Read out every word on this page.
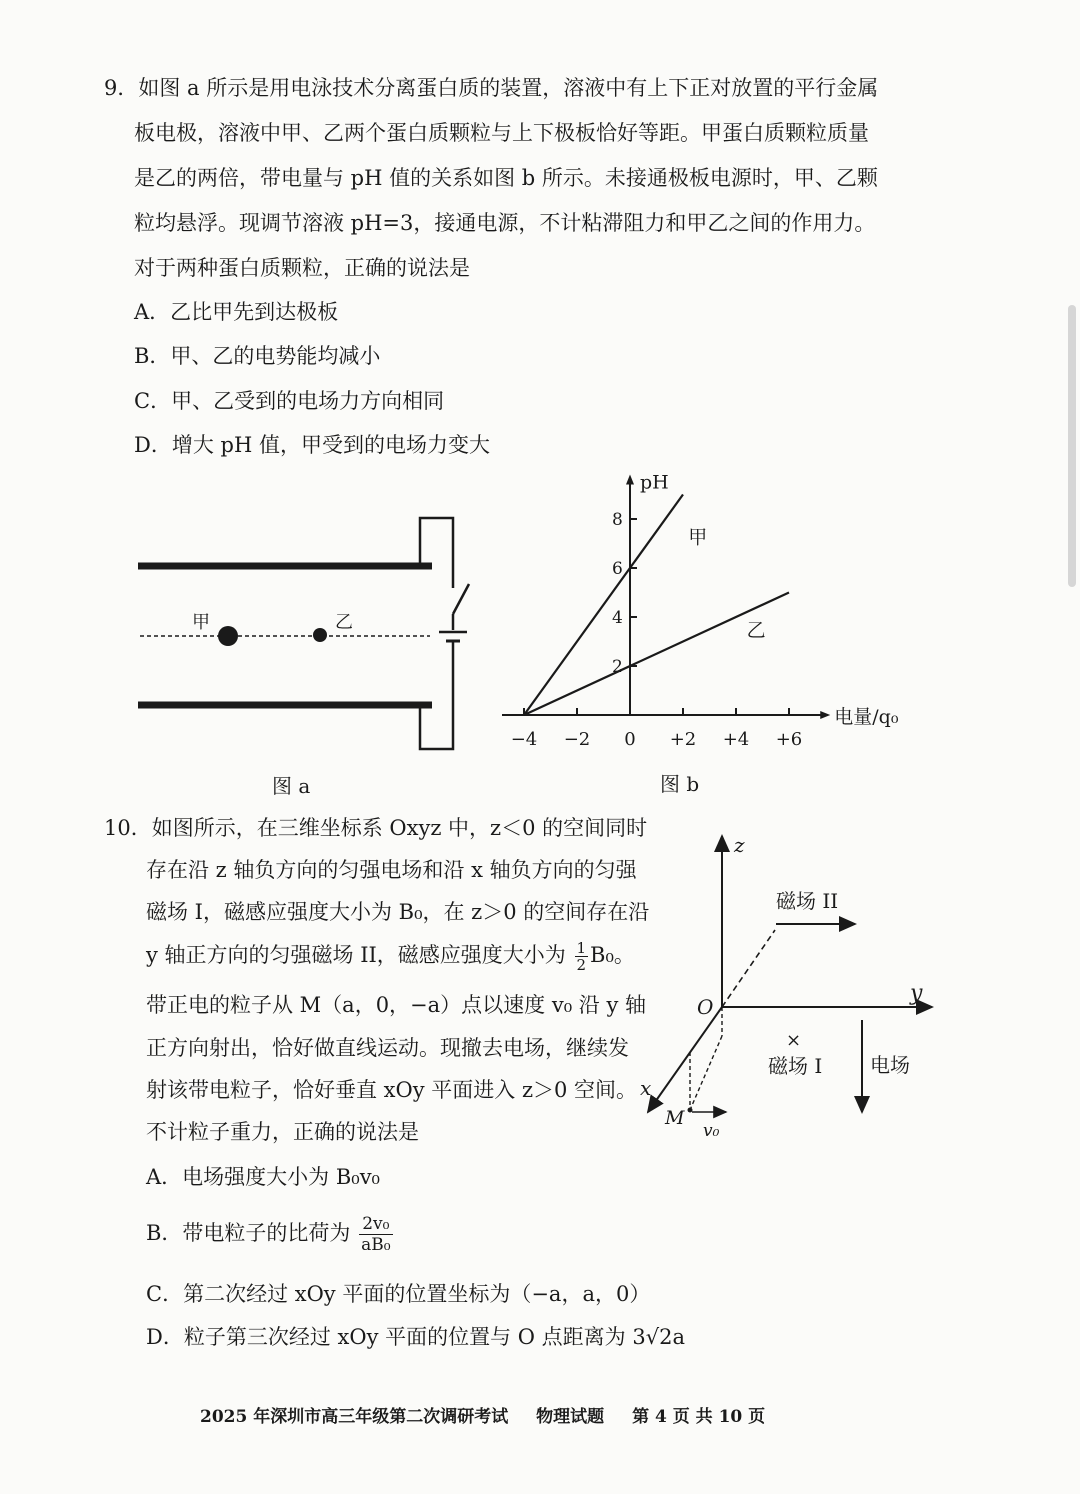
9．如图 a 所示是用电泳技术分离蛋白质的装置，溶液中有上下正对放置的平行金属
板电极，溶液中甲、乙两个蛋白质颗粒与上下极板恰好等距。甲蛋白质颗粒质量
是乙的两倍，带电量与 pH 值的关系如图 b 所示。未接通极板电源时，甲、乙颗
粒均悬浮。现调节溶液 pH=3，接通电源，不计粘滞阻力和甲乙之间的作用力。
对于两种蛋白质颗粒，正确的说法是
A．乙比甲先到达极板
B．甲、乙的电势能均减小
C．甲、乙受到的电场力方向相同
D．增大 pH 值，甲受到的电场力变大
甲	乙
图 a
pH
电量/q₀
2
4
6
8
−4 −2 0 +2 +4 +6
甲
乙
图 b
10．如图所示，在三维坐标系 Oxyz 中，z＜0 的空间同时
存在沿 z 轴负方向的匀强电场和沿 x 轴负方向的匀强
磁场 I，磁感应强度大小为 B₀，在 z＞0 的空间存在沿
y 轴正方向的匀强磁场 II，磁感应强度大小为 $\frac{1}{2} B_0$。
带正电的粒子从 M（a，0，−a）点以速度 v₀ 沿 y 轴
正方向射出，恰好做直线运动。现撤去电场，继续发
射该带电粒子，恰好垂直 xOy 平面进入 z＞0 空间。
不计粒子重力，正确的说法是
A．电场强度大小为 B₀v₀
B．带电粒子的比荷为 $\frac{\text{2v₀}}{\text{aB₀}}$
C．第二次经过 xOy 平面的位置坐标为（−a，a，0）
D．粒子第三次经过 xOy 平面的位置与 O 点距离为 3√2a
z
y
x
O
M
v₀
磁场 II
×
磁场 I 电场
2025 年深圳市高三年级第二次调研考试 物理试题 第 4 页 共 10 页
